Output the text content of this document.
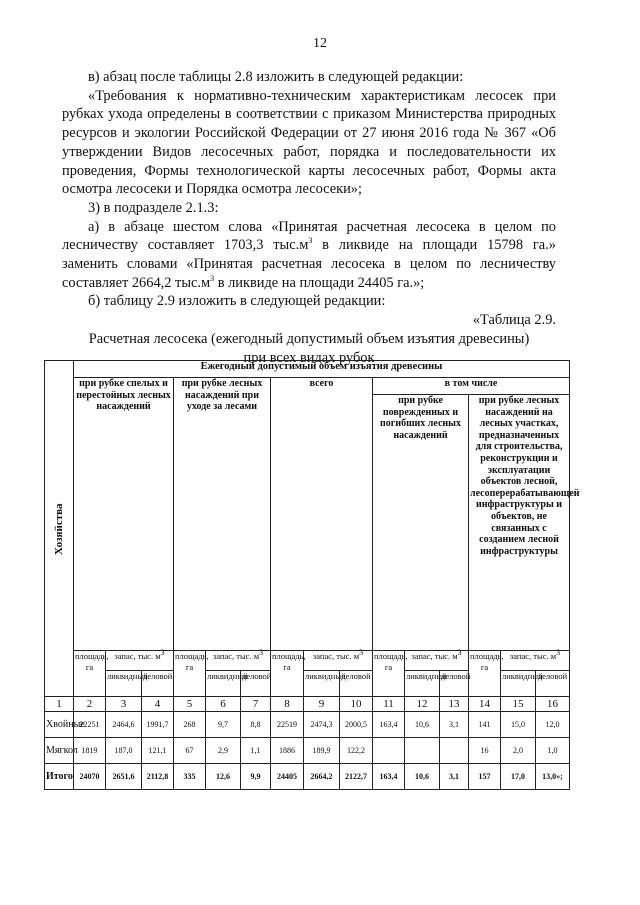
12

в) абзац после таблицы 2.8 изложить в следующей редакции:

«Требования к нормативно-техническим характеристикам лесосек при рубках ухода определены в соответствии с приказом Министерства природных ресурсов и экологии Российской Федерации от 27 июня 2016 года № 367 «Об утверждении Видов лесосечных работ, порядка и последовательности их проведения, Формы технологической карты лесосечных работ, Формы акта осмотра лесосеки и Порядка осмотра лесосеки»;

3) в подразделе 2.1.3:

а) в абзаце шестом слова «Принятая расчетная лесосека в целом по лесничеству составляет 1703,3 $тыс.м^3$ в ликвиде на площади 15798 га.» заменить словами «Принятая расчетная лесосека в целом по лесничеству составляет 2664,2 $тыс.м^3$ в ликвиде на площади 24405 га.»;

б) таблицу 2.9 изложить в следующей редакции:

«Таблица 2.9.

Расчетная лесосека (ежегодный допустимый объем изъятия древесины)

при всех видах рубок

Хозяйства	Ежегодный допустимый объем изъятия древесины														
	при рубке спелых и перестойных лесных насаждений			при рубке лесных насаждений при уходе за лесами			всего			в том числе					
										при рубке поврежденных и погибших лесных насаждений			при рубке лесных насаждений на лесных участках, предназначенных для строительства, реконструкции и эксплуатации объектов лесной, лесоперерабатывающей инфраструктуры и объектов, не связанных с созданием лесной инфраструктуры		
	площадь, га	запас, тыс. $м^3$		площадь, га	запас, тыс. $м^3$		площадь, га	запас, тыс. $м^3$		площадь, га	запас, тыс. $м^3$		площадь, га	запас, тыс. $м^3$
		ликвидный	деловой		ликвидный	деловой		ликвидный	деловой		ликвидный	деловой		ликвидный	деловой
1	2	3	4	5	6	7	8	9	10	11	12	13	14	15	16
Хвойные	22251	2464,6	1991,7	268	9,7	8,8	22519	2474,3	2000,5	163,4	10,6	3,1	141	15,0	12,0
Мягкол	1819	187,0	121,1	67	2,9	1,1	1886	189,9	122,2				16	2,0	1,0
Итого	24070	2651,6	2112,8	335	12,6	9,9	24405	2664,2	2122,7	163,4	10,6	3,1	157	17,0	13,0»;
